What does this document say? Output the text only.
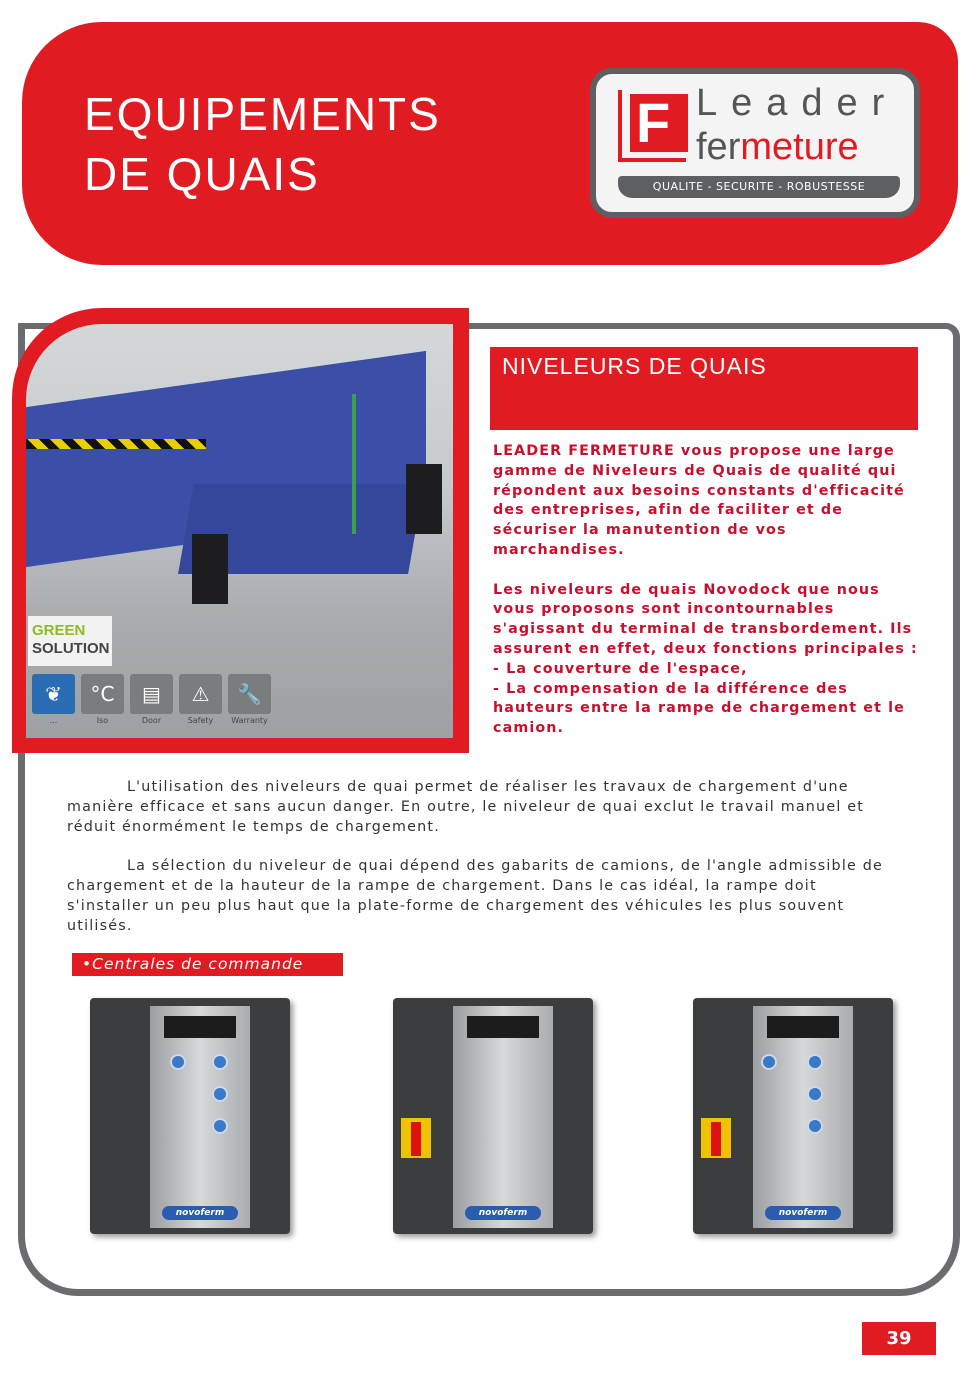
EQUIPEMENTS
DE QUAIS
F Leader
fermeture
QUALITE - SECURITE - ROBUSTESSE
GREEN
SOLUTION
❦
...
°C
Iso
▤
Door
⚠
Safety
🔧
Warranty
NIVELEURS DE QUAIS

LEADER FERMETURE vous propose une large gamme de Niveleurs de Quais de qualité qui répondent aux besoins constants d'efficacité des entreprises, afin de faciliter et de sécuriser la manutention de vos marchandises.

Les niveleurs de quais Novodock que nous vous proposons sont incontournables s'agissant du terminal de transbordement. Ils assurent en effet, deux fonctions principales :
- La couverture de l'espace,
- La compensation de la différence des hauteurs entre la rampe de chargement et le camion.

L'utilisation des niveleurs de quai permet de réaliser les travaux de chargement d'une manière efficace et sans aucun danger. En outre, le niveleur de quai exclut le travail manuel et réduit énormément le temps de chargement.

La sélection du niveleur de quai dépend des gabarits de camions, de l'angle admissible de chargement et de la hauteur de la rampe de chargement. Dans le cas idéal, la rampe doit s'installer un peu plus haut que la plate-forme de chargement des véhicules les plus souvent utilisés.

•Centrales de commande
novoferm	novoferm	novoferm
39
